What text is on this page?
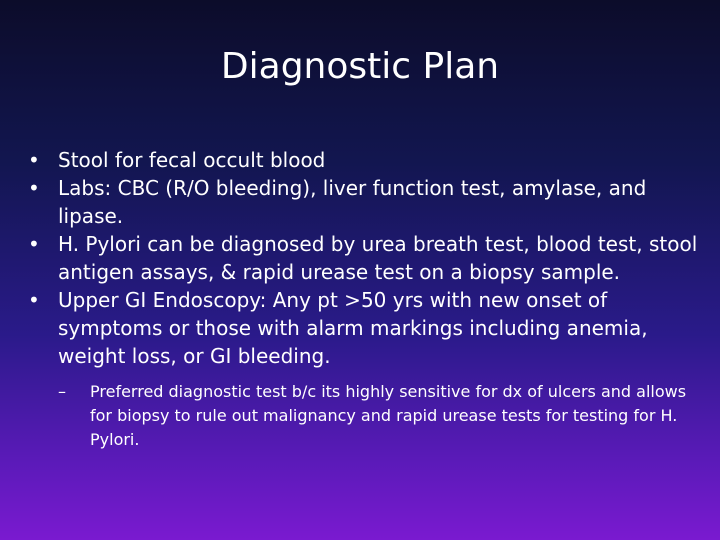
Diagnostic Plan
• Stool for fecal occult blood
• Labs: CBC (R/O bleeding), liver function test, amylase, and lipase.
• H. Pylori can be diagnosed by urea breath test, blood test, stool antigen assays, & rapid urease test on a biopsy sample.
• Upper GI Endoscopy: Any pt >50 yrs with new onset of symptoms or those with alarm markings including anemia, weight loss, or GI bleeding.
– Preferred diagnostic test b/c its highly sensitive for dx of ulcers and allows for biopsy to rule out malignancy and rapid urease tests for testing for H. Pylori.
